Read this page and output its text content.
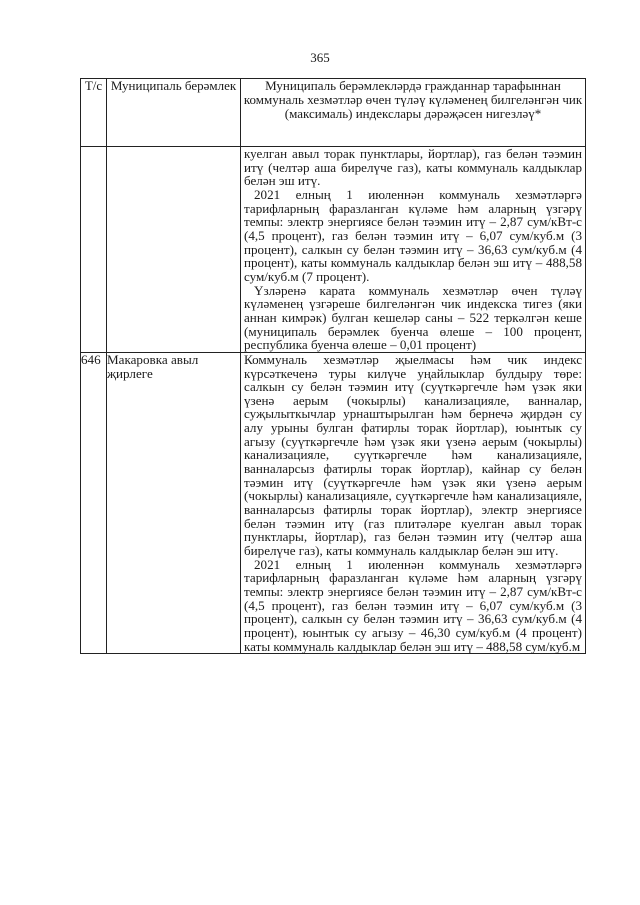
365
Т/с	Муниципаль берәмлек	Муниципаль берәмлекләрдә гражданнар тарафыннан коммуналь хезмәтләр өчен түләү күләменең билгеләнгән чик (максималь) индекслары дәрәҗәсен нигезләү*

		куелган авыл торак пунктлары, йортлар), газ белән тәэмин итү (челтәр аша бирелүче газ), каты коммуналь калдыклар белән эш итү.
2021 елның 1 июленнән коммуналь хезмәтләргә тарифларның фаразланган күләме һәм аларның үзгәрү темпы: электр энергиясе белән тәэмин итү – 2,87 сум/кВт-с (4,5 процент), газ белән тәэмин итү – 6,07 сум/куб.м (3 процент), салкын су белән тәэмин итү – 36,63 сум/куб.м (4 процент), каты коммуналь калдыклар белән эш итү – 488,58 сум/куб.м (7 процент).
Үзләренә карата коммуналь хезмәтләр өчен түләү күләменең үзгәреше билгеләнгән чик индекска тигез (яки аннан кимрәк) булган кешеләр саны – 522 теркәлгән кеше (муниципаль берәмлек буенча өлеше – 100 процент, республика буенча өлеше – 0,01 процент)

646	Макаровка авыл җирлеге	Коммуналь хезмәтләр җыелмасы һәм чик индекс күрсәткеченә туры килүче уңайлыклар булдыру төре: салкын су белән тәэмин итү (суүткәргечле һәм үзәк яки үзенә аерым (чокырлы) канализацияле, ванналар, суҗылыткычлар урнаштырылган һәм бернечә җирдән су алу урыны булган фатирлы торак йортлар), юынтык су агызу (суүткәргечле һәм үзәк яки үзенә аерым (чокырлы) канализацияле, суүткәргечле һәм канализацияле, ванналарсыз фатирлы торак йортлар), кайнар су белән тәэмин итү (суүткәргечле һәм үзәк яки үзенә аерым (чокырлы) канализацияле, суүткәргечле һәм канализацияле, ванналарсыз фатирлы торак йортлар), электр энергиясе белән тәэмин итү (газ плитәләре куелган авыл торак пунктлары, йортлар), газ белән тәэмин итү (челтәр аша бирелүче газ), каты коммуналь калдыклар белән эш итү.
2021 елның 1 июленнән коммуналь хезмәтләргә тарифларның фаразланган күләме һәм аларның үзгәрү темпы: электр энергиясе белән тәэмин итү – 2,87 сум/кВт-с (4,5 процент), газ белән тәэмин итү – 6,07 сум/куб.м (3 процент), салкын су белән тәэмин итү – 36,63 сум/куб.м (4 процент), юынтык су агызу – 46,30 сум/куб.м (4 процент) каты коммуналь калдыклар белән эш итү – 488,58 сум/куб.м
